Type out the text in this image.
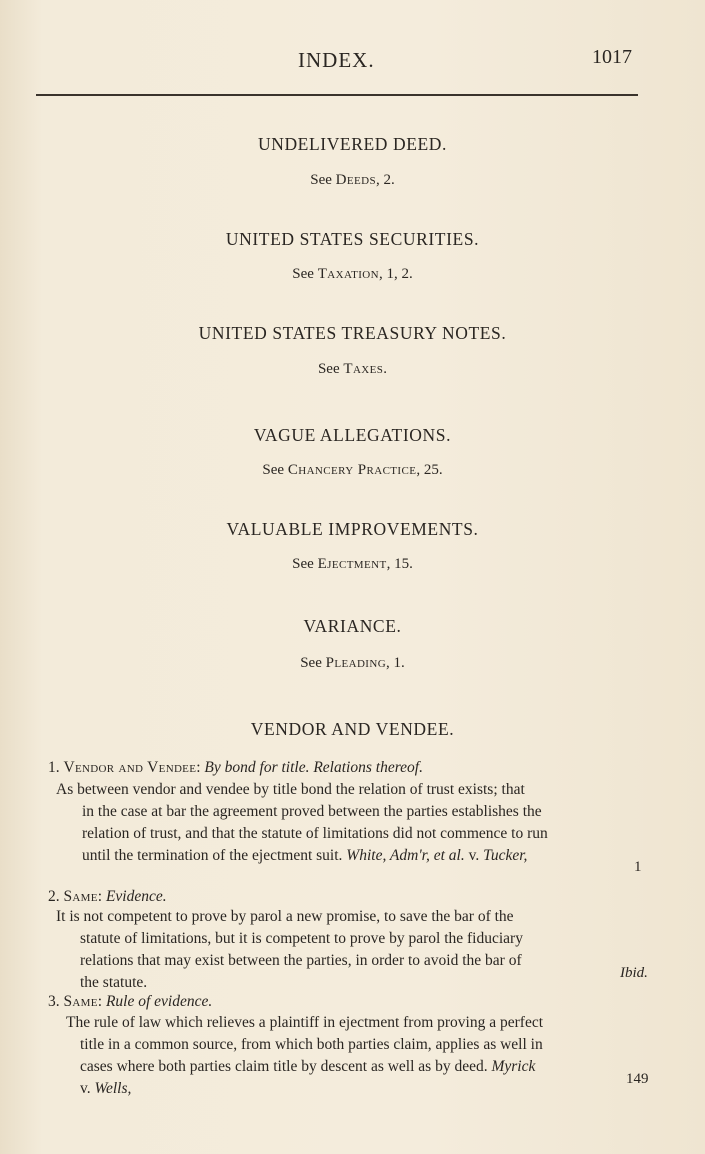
INDEX.	1017
UNDELIVERED DEED.
See Deeds, 2.
UNITED STATES SECURITIES.
See Taxation, 1, 2.
UNITED STATES TREASURY NOTES.
See Taxes.
VAGUE ALLEGATIONS.
See Chancery Practice, 25.
VALUABLE IMPROVEMENTS.
See Ejectment, 15.
VARIANCE.
See Pleading, 1.
VENDOR AND VENDEE.
1. Vendor and Vendee: By bond for title. Relations thereof.
As between vendor and vendee by title bond the relation of trust exists; that
in the case at bar the agreement proved between the parties establishes the
relation of trust, and that the statute of limitations did not commence to run
until the termination of the ejectment suit. White, Adm'r, et al. v. Tucker,
1
2. Same: Evidence.
It is not competent to prove by parol a new promise, to save the bar of the
statute of limitations, but it is competent to prove by parol the fiduciary
relations that may exist between the parties, in order to avoid the bar of
the statute.
Ibid.
3. Same: Rule of evidence.
The rule of law which relieves a plaintiff in ejectment from proving a perfect
title in a common source, from which both parties claim, applies as well in
cases where both parties claim title by descent as well as by deed. Myrick
v. Wells,
149
